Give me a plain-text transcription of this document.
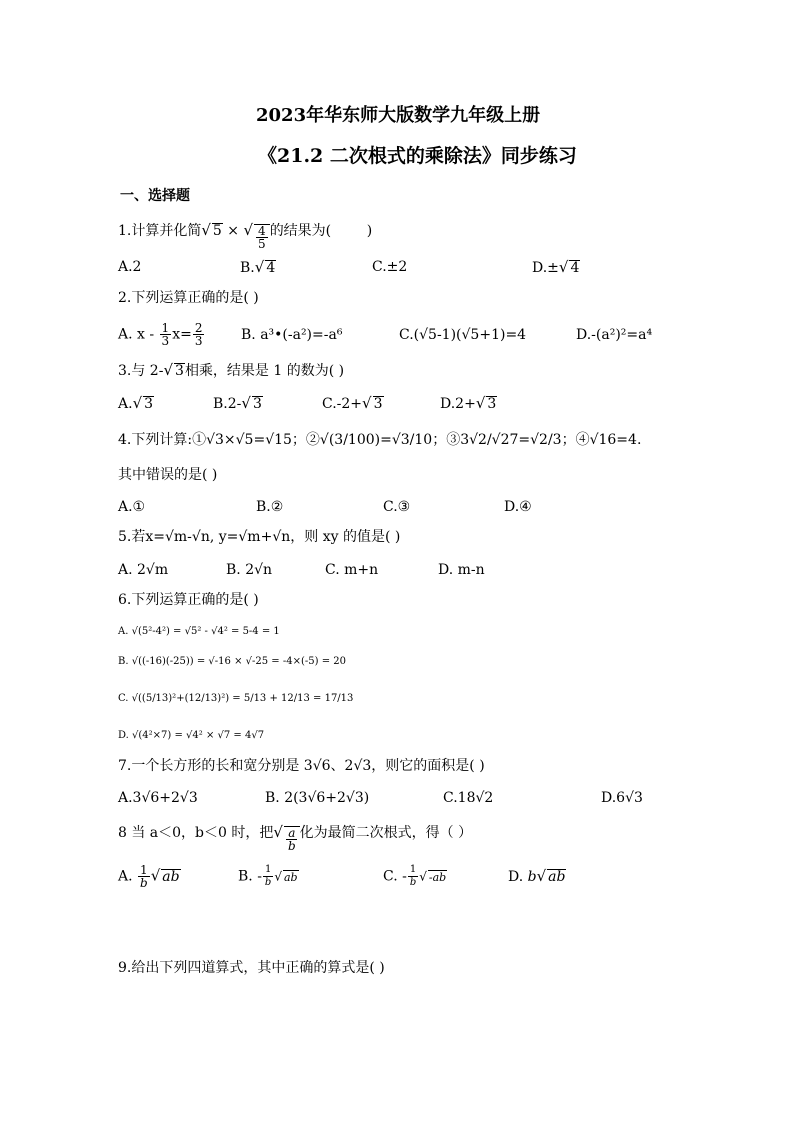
2023年华东师大版数学九年级上册
《21.2 二次根式的乘除法》同步练习
一、选择题
1.计算并化简√ 5 × √ $\frac{4}{5}$ 的结果为(	)
A.2	B.√ 4	C.±2	D.±√ 4
2.下列运算正确的是( )
A. $x - \frac{1}{3} x= \frac{2}{3}$	B. a³•(-a²)=-a⁶	C.(√5-1)(√5+1)=4	D.-(a²)²=a⁴
3.与 2-√ 3相乘，结果是 1 的数为( )
A.√ 3	B.2-√ 3	C.-2+√ 3	D.2+√ 3
4.下列计算:①√3×√5=√15；②√(3/100)=√3/10；③3√2/√27=√2/3；④√16=4.
其中错误的是( )
A.①	B.②	C.③	D.④
5.若x=√m-√n, y=√m+√n，则 xy 的值是( )
A. 2√m	B. 2√n	C. m+n	D. m-n
6.下列运算正确的是( )
A. √(5²-4²) = √5² - √4² = 5-4 = 1
B. √((-16)(-25)) = √-16 × √-25 = -4×(-5) = 20
C. √((5/13)²+(12/13)²) = 5/13 + 12/13 = 17/13
D. √(4²×7) = √4² × √7 = 4√7
7.一个长方形的长和宽分别是 3√6、2√3，则它的面积是( )
A.3√6+2√3	B. 2(3√6+2√3)	C.18√2	D.6√3
8 当 a＜0，b＜0 时，把√ $\frac{a}{b}$ 化为最简二次根式，得（ ）
A. $\frac{1}{b}$ √ ab	B. - $\frac{1}{b}$ √ ab	C. - $\frac{1}{b}$ √ -ab	D. b√ ab
9.给出下列四道算式，其中正确的算式是( )
